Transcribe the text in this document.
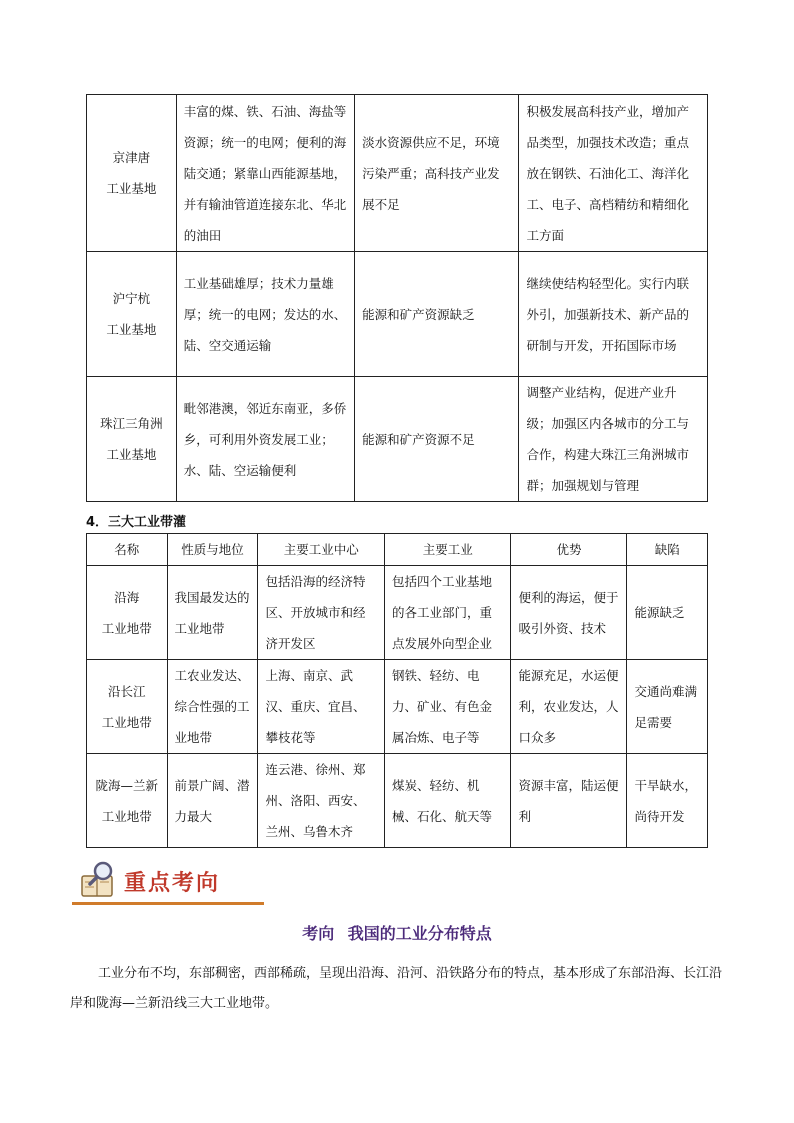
京津唐
工业基地	丰富的煤、铁、石油、海盐等资源；统一的电网；便利的海陆交通；紧靠山西能源基地，并有输油管道连接东北、华北的油田	淡水资源供应不足，环境污染严重；高科技产业发展不足	积极发展高科技产业，增加产品类型，加强技术改造；重点放在钢铁、石油化工、海洋化工、电子、高档精纺和精细化工方面
沪宁杭
工业基地	工业基础雄厚；技术力量雄厚；统一的电网；发达的水、陆、空交通运输	能源和矿产资源缺乏	继续使结构轻型化。实行内联外引，加强新技术、新产品的研制与开发，开拓国际市场
珠江三角洲
工业基地	毗邻港澳，邻近东南亚，多侨乡，可利用外资发展工业；水、陆、空运输便利	能源和矿产资源不足	调整产业结构，促进产业升级；加强区内各城市的分工与合作，构建大珠江三角洲城市群；加强规划与管理
4．三大工业带灌
名称	性质与地位	主要工业中心	主要工业	优势	缺陷
沿海
工业地带	我国最发达的工业地带	包括沿海的经济特区、开放城市和经济开发区	包括四个工业基地的各工业部门，重点发展外向型企业	便利的海运，便于吸引外资、技术	能源缺乏
沿长江
工业地带	工农业发达、综合性强的工业地带	上海、南京、武汉、重庆、宜昌、攀枝花等	钢铁、轻纺、电力、矿业、有色金属冶炼、电子等	能源充足，水运便利，农业发达，人口众多	交通尚难满足需要
陇海—兰新
工业地带	前景广阔、潜力最大	连云港、徐州、郑州、洛阳、西安、兰州、乌鲁木齐	煤炭、轻纺、机械、石化、航天等	资源丰富，陆运便利	干旱缺水，尚待开发
重点考向
考向 我国的工业分布特点
工业分布不均，东部稠密，西部稀疏，呈现出沿海、沿河、沿铁路分布的特点，基本形成了东部沿海、长江沿岸和陇海—兰新沿线三大工业地带。
